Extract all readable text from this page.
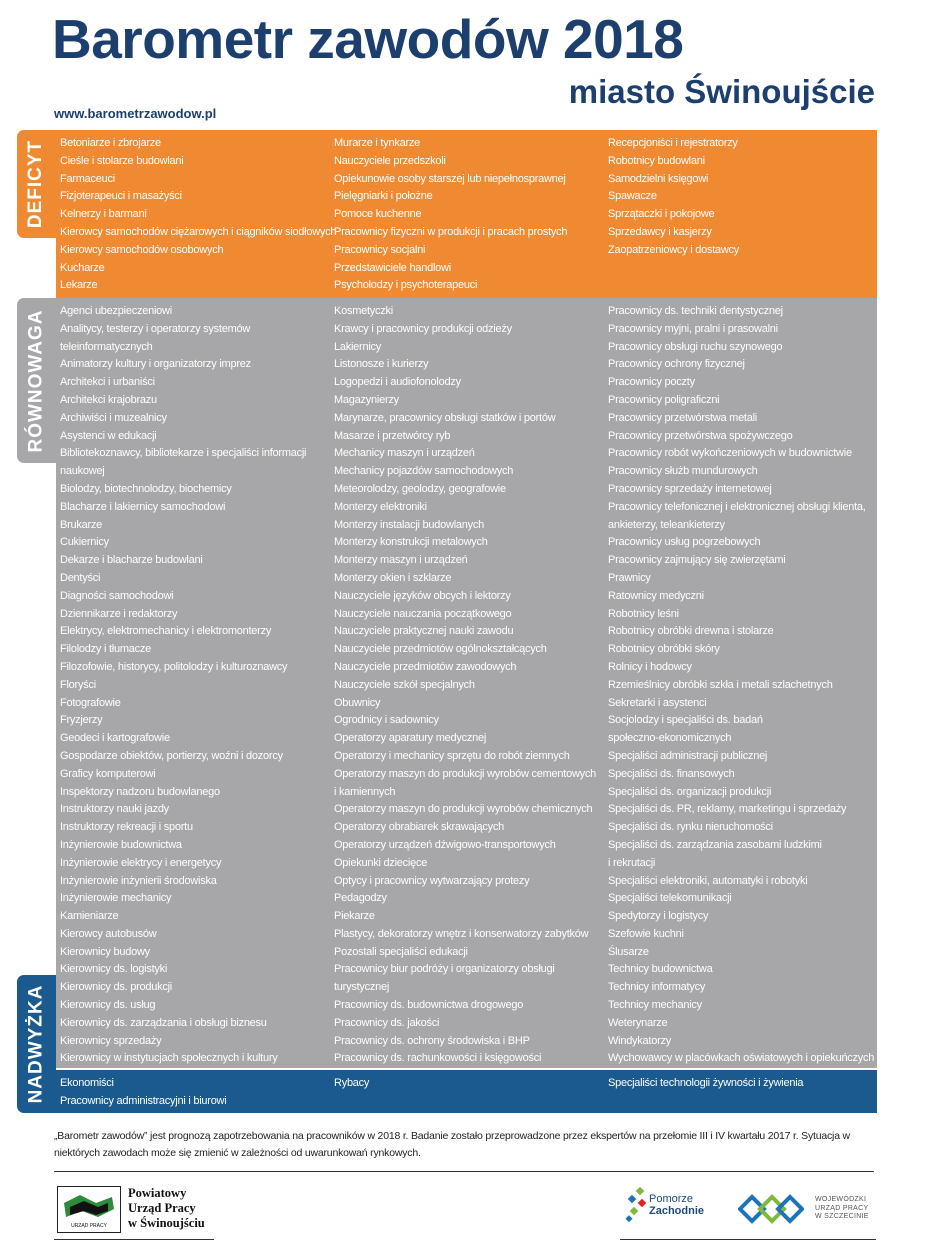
Barometr zawodów 2018
miasto Świnoujście
www.barometrzawodow.pl
DEFICYT
RÓWNOWAGA
NADWYŻKA
Betoniarze i zbrojarze
Cieśle i stolarze budowlani
Farmaceuci
Fizjoterapeuci i masażyści
Kelnerzy i barmani
Kierowcy samochodów ciężarowych i ciągników siodłowych
Kierowcy samochodów osobowych
Kucharze
Lekarze
Murarze i tynkarze
Nauczyciele przedszkoli
Opiekunowie osoby starszej lub niepełnosprawnej
Pielęgniarki i położne
Pomoce kuchenne
Pracownicy fizyczni w produkcji i pracach prostych
Pracownicy socjalni
Przedstawiciele handlowi
Psycholodzy i psychoterapeuci
Recepcjoniści i rejestratorzy
Robotnicy budowlani
Samodzielni księgowi
Spawacze
Sprzątaczki i pokojowe
Sprzedawcy i kasjerzy
Zaopatrzeniowcy i dostawcy
Agenci ubezpieczeniowi
Analitycy, testerzy i operatorzy systemów
teleinformatycznych
Animatorzy kultury i organizatorzy imprez
Architekci i urbaniści
Architekci krajobrazu
Archiwiści i muzealnicy
Asystenci w edukacji
Bibliotekoznawcy, bibliotekarze i specjaliści informacji
naukowej
Biolodzy, biotechnolodzy, biochemicy
Blacharze i lakiernicy samochodowi
Brukarze
Cukiernicy
Dekarze i blacharze budowlani
Dentyści
Diagności samochodowi
Dziennikarze i redaktorzy
Elektrycy, elektromechanicy i elektromonterzy
Filolodzy i tłumacze
Filozofowie, historycy, politolodzy i kulturoznawcy
Floryści
Fotografowie
Fryzjerzy
Geodeci i kartografowie
Gospodarze obiektów, portierzy, woźni i dozorcy
Graficy komputerowi
Inspektorzy nadzoru budowlanego
Instruktorzy nauki jazdy
Instruktorzy rekreacji i sportu
Inżynierowie budownictwa
Inżynierowie elektrycy i energetycy
Inżynierowie inżynierii środowiska
Inżynierowie mechanicy
Kamieniarze
Kierowcy autobusów
Kierownicy budowy
Kierownicy ds. logistyki
Kierownicy ds. produkcji
Kierownicy ds. usług
Kierownicy ds. zarządzania i obsługi biznesu
Kierownicy sprzedaży
Kierownicy w instytucjach społecznych i kultury
Kosmetyczki
Krawcy i pracownicy produkcji odzieży
Lakiernicy
Listonosze i kurierzy
Logopedzi i audiofonolodzy
Magazynierzy
Marynarze, pracownicy obsługi statków i portów
Masarze i przetwórcy ryb
Mechanicy maszyn i urządzeń
Mechanicy pojazdów samochodowych
Meteorolodzy, geolodzy, geografowie
Monterzy elektroniki
Monterzy instalacji budowlanych
Monterzy konstrukcji metalowych
Monterzy maszyn i urządzeń
Monterzy okien i szklarze
Nauczyciele języków obcych i lektorzy
Nauczyciele nauczania początkowego
Nauczyciele praktycznej nauki zawodu
Nauczyciele przedmiotów ogólnokształcących
Nauczyciele przedmiotów zawodowych
Nauczyciele szkół specjalnych
Obuwnicy
Ogrodnicy i sadownicy
Operatorzy aparatury medycznej
Operatorzy i mechanicy sprzętu do robót ziemnych
Operatorzy maszyn do produkcji wyrobów cementowych
i kamiennych
Operatorzy maszyn do produkcji wyrobów chemicznych
Operatorzy obrabiarek skrawających
Operatorzy urządzeń dźwigowo-transportowych
Opiekunki dziecięce
Optycy i pracownicy wytwarzający protezy
Pedagodzy
Piekarze
Plastycy, dekoratorzy wnętrz i konserwatorzy zabytków
Pozostali specjaliści edukacji
Pracownicy biur podróży i organizatorzy obsługi
turystycznej
Pracownicy ds. budownictwa drogowego
Pracownicy ds. jakości
Pracownicy ds. ochrony środowiska i BHP
Pracownicy ds. rachunkowości i księgowości
Pracownicy ds. techniki dentystycznej
Pracownicy myjni, pralni i prasowalni
Pracownicy obsługi ruchu szynowego
Pracownicy ochrony fizycznej
Pracownicy poczty
Pracownicy poligraficzni
Pracownicy przetwórstwa metali
Pracownicy przetwórstwa spożywczego
Pracownicy robót wykończeniowych w budownictwie
Pracownicy służb mundurowych
Pracownicy sprzedaży internetowej
Pracownicy telefonicznej i elektronicznej obsługi klienta,
ankieterzy, teleankieterzy
Pracownicy usług pogrzebowych
Pracownicy zajmujący się zwierzętami
Prawnicy
Ratownicy medyczni
Robotnicy leśni
Robotnicy obróbki drewna i stolarze
Robotnicy obróbki skóry
Rolnicy i hodowcy
Rzemieślnicy obróbki szkła i metali szlachetnych
Sekretarki i asystenci
Socjolodzy i specjaliści ds. badań
społeczno-ekonomicznych
Specjaliści administracji publicznej
Specjaliści ds. finansowych
Specjaliści ds. organizacji produkcji
Specjaliści ds. PR, reklamy, marketingu i sprzedaży
Specjaliści ds. rynku nieruchomości
Specjaliści ds. zarządzania zasobami ludzkimi
i rekrutacji
Specjaliści elektroniki, automatyki i robotyki
Specjaliści telekomunikacji
Spedytorzy i logistycy
Szefowie kuchni
Ślusarze
Technicy budownictwa
Technicy informatycy
Technicy mechanicy
Weterynarze
Windykatorzy
Wychowawcy w placówkach oświatowych i opiekuńczych
Ekonomiści
Pracownicy administracyjni i biurowi
Rybacy	Specjaliści technologii żywności i żywienia
„Barometr zawodów” jest prognozą zapotrzebowania na pracowników w 2018 r. Badanie zostało przeprowadzone przez ekspertów na przełomie III i IV kwartału 2017 r. Sytuacja w niektórych zawodach może się zmienić w zależności od uwarunkowań rynkowych.
URZĄD PRACY
Powiatowy
Urząd Pracy
w Świnoujściu
Pomorze
Zachodnie
WOJEWÓDZKI
URZĄD PRACY
W SZCZECINIE
